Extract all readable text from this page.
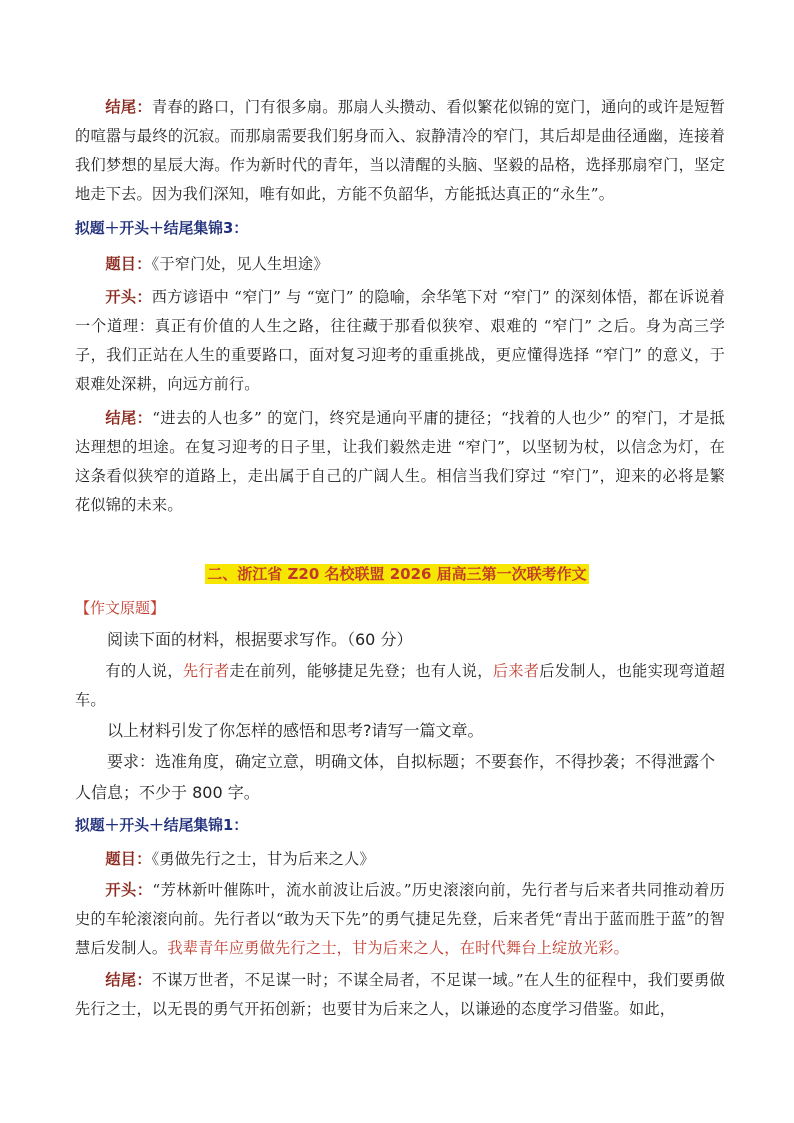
结尾：青春的路口，门有很多扇。那扇人头攒动、看似繁花似锦的宽门，通向的或许是短暂的喧嚣与最终的沉寂。而那扇需要我们躬身而入、寂静清冷的窄门，其后却是曲径通幽，连接着我们梦想的星辰大海。作为新时代的青年，当以清醒的头脑、坚毅的品格，选择那扇窄门，坚定地走下去。因为我们深知，唯有如此，方能不负韶华，方能抵达真正的“永生”。
拟题＋开头＋结尾集锦3：
题目：《于窄门处，见人生坦途》
开头：西方谚语中 “窄门” 与 “宽门” 的隐喻，余华笔下对 “窄门” 的深刻体悟，都在诉说着一个道理：真正有价值的人生之路，往往藏于那看似狭窄、艰难的 “窄门” 之后。身为高三学子，我们正站在人生的重要路口，面对复习迎考的重重挑战，更应懂得选择 “窄门” 的意义，于艰难处深耕，向远方前行。
结尾：“进去的人也多” 的宽门，终究是通向平庸的捷径；“找着的人也少” 的窄门，才是抵达理想的坦途。在复习迎考的日子里，让我们毅然走进 “窄门”，以坚韧为杖，以信念为灯，在这条看似狭窄的道路上，走出属于自己的广阔人生。相信当我们穿过 “窄门”，迎来的必将是繁花似锦的未来。
二、浙江省 Z20 名校联盟 2026 届高三第一次联考作文
【作文原题】
阅读下面的材料，根据要求写作。（60 分）
有的人说，先行者走在前列，能够捷足先登；也有人说，后来者后发制人，也能实现弯道超车。
以上材料引发了你怎样的感悟和思考?请写一篇文章。
要求：选准角度，确定立意，明确文体，自拟标题；不要套作，不得抄袭；不得泄露个人信息；不少于 800 字。
拟题＋开头＋结尾集锦1：
题目：《勇做先行之士，甘为后来之人》
开头：“芳林新叶催陈叶，流水前波让后波。”历史滚滚向前，先行者与后来者共同推动着历史的车轮滚滚向前。先行者以“敢为天下先”的勇气捷足先登，后来者凭“青出于蓝而胜于蓝”的智慧后发制人。我辈青年应勇做先行之士，甘为后来之人，在时代舞台上绽放光彩。
结尾：不谋万世者，不足谋一时；不谋全局者，不足谋一域。”在人生的征程中，我们要勇做先行之士，以无畏的勇气开拓创新；也要甘为后来之人，以谦逊的态度学习借鉴。如此，
